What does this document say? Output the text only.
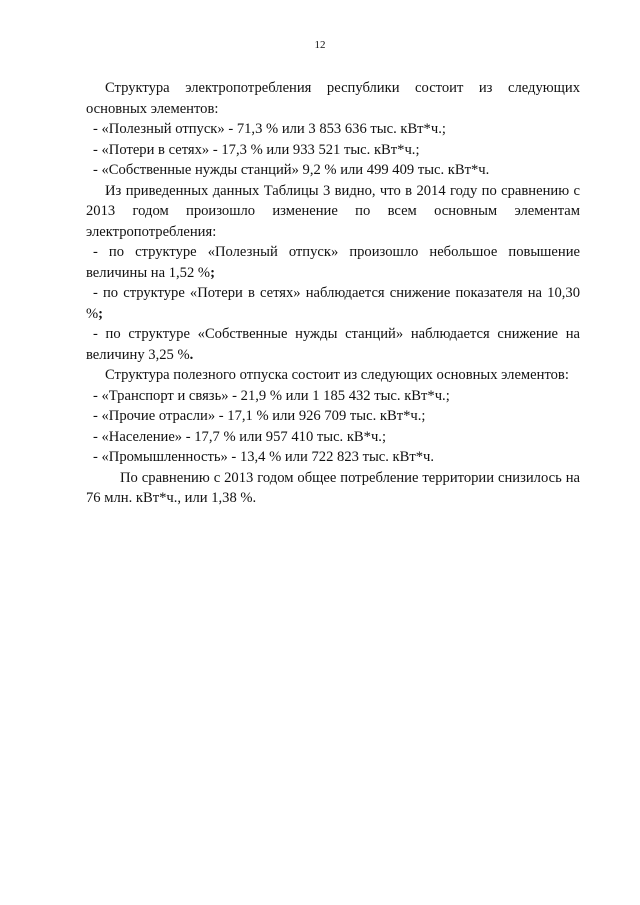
12

Структура электропотребления республики состоит из следующих основных элементов:

- «Полезный отпуск» - 71,3 % или 3 853 636 тыс. кВт*ч.;

- «Потери в сетях» - 17,3 % или 933 521 тыс. кВт*ч.;

- «Собственные нужды станций» 9,2 % или 499 409 тыс. кВт*ч.

Из приведенных данных Таблицы 3 видно, что в 2014 году по сравнению с 2013 годом произошло изменение по всем основным элементам электропотребления:

- по структуре «Полезный отпуск» произошло небольшое повышение величины на 1,52 %;

- по структуре «Потери в сетях» наблюдается снижение показателя на 10,30 %;

- по структуре «Собственные нужды станций» наблюдается снижение на величину 3,25 %.

Структура полезного отпуска состоит из следующих основных элементов:

- «Транспорт и связь» - 21,9 % или 1 185 432 тыс. кВт*ч.;

- «Прочие отрасли» - 17,1 % или 926 709 тыс. кВт*ч.;

- «Население» - 17,7 % или 957 410 тыс. кВ*ч.;

- «Промышленность» - 13,4 % или 722 823 тыс. кВт*ч.

По сравнению с 2013 годом общее потребление территории снизилось на 76 млн. кВт*ч., или 1,38 %.
